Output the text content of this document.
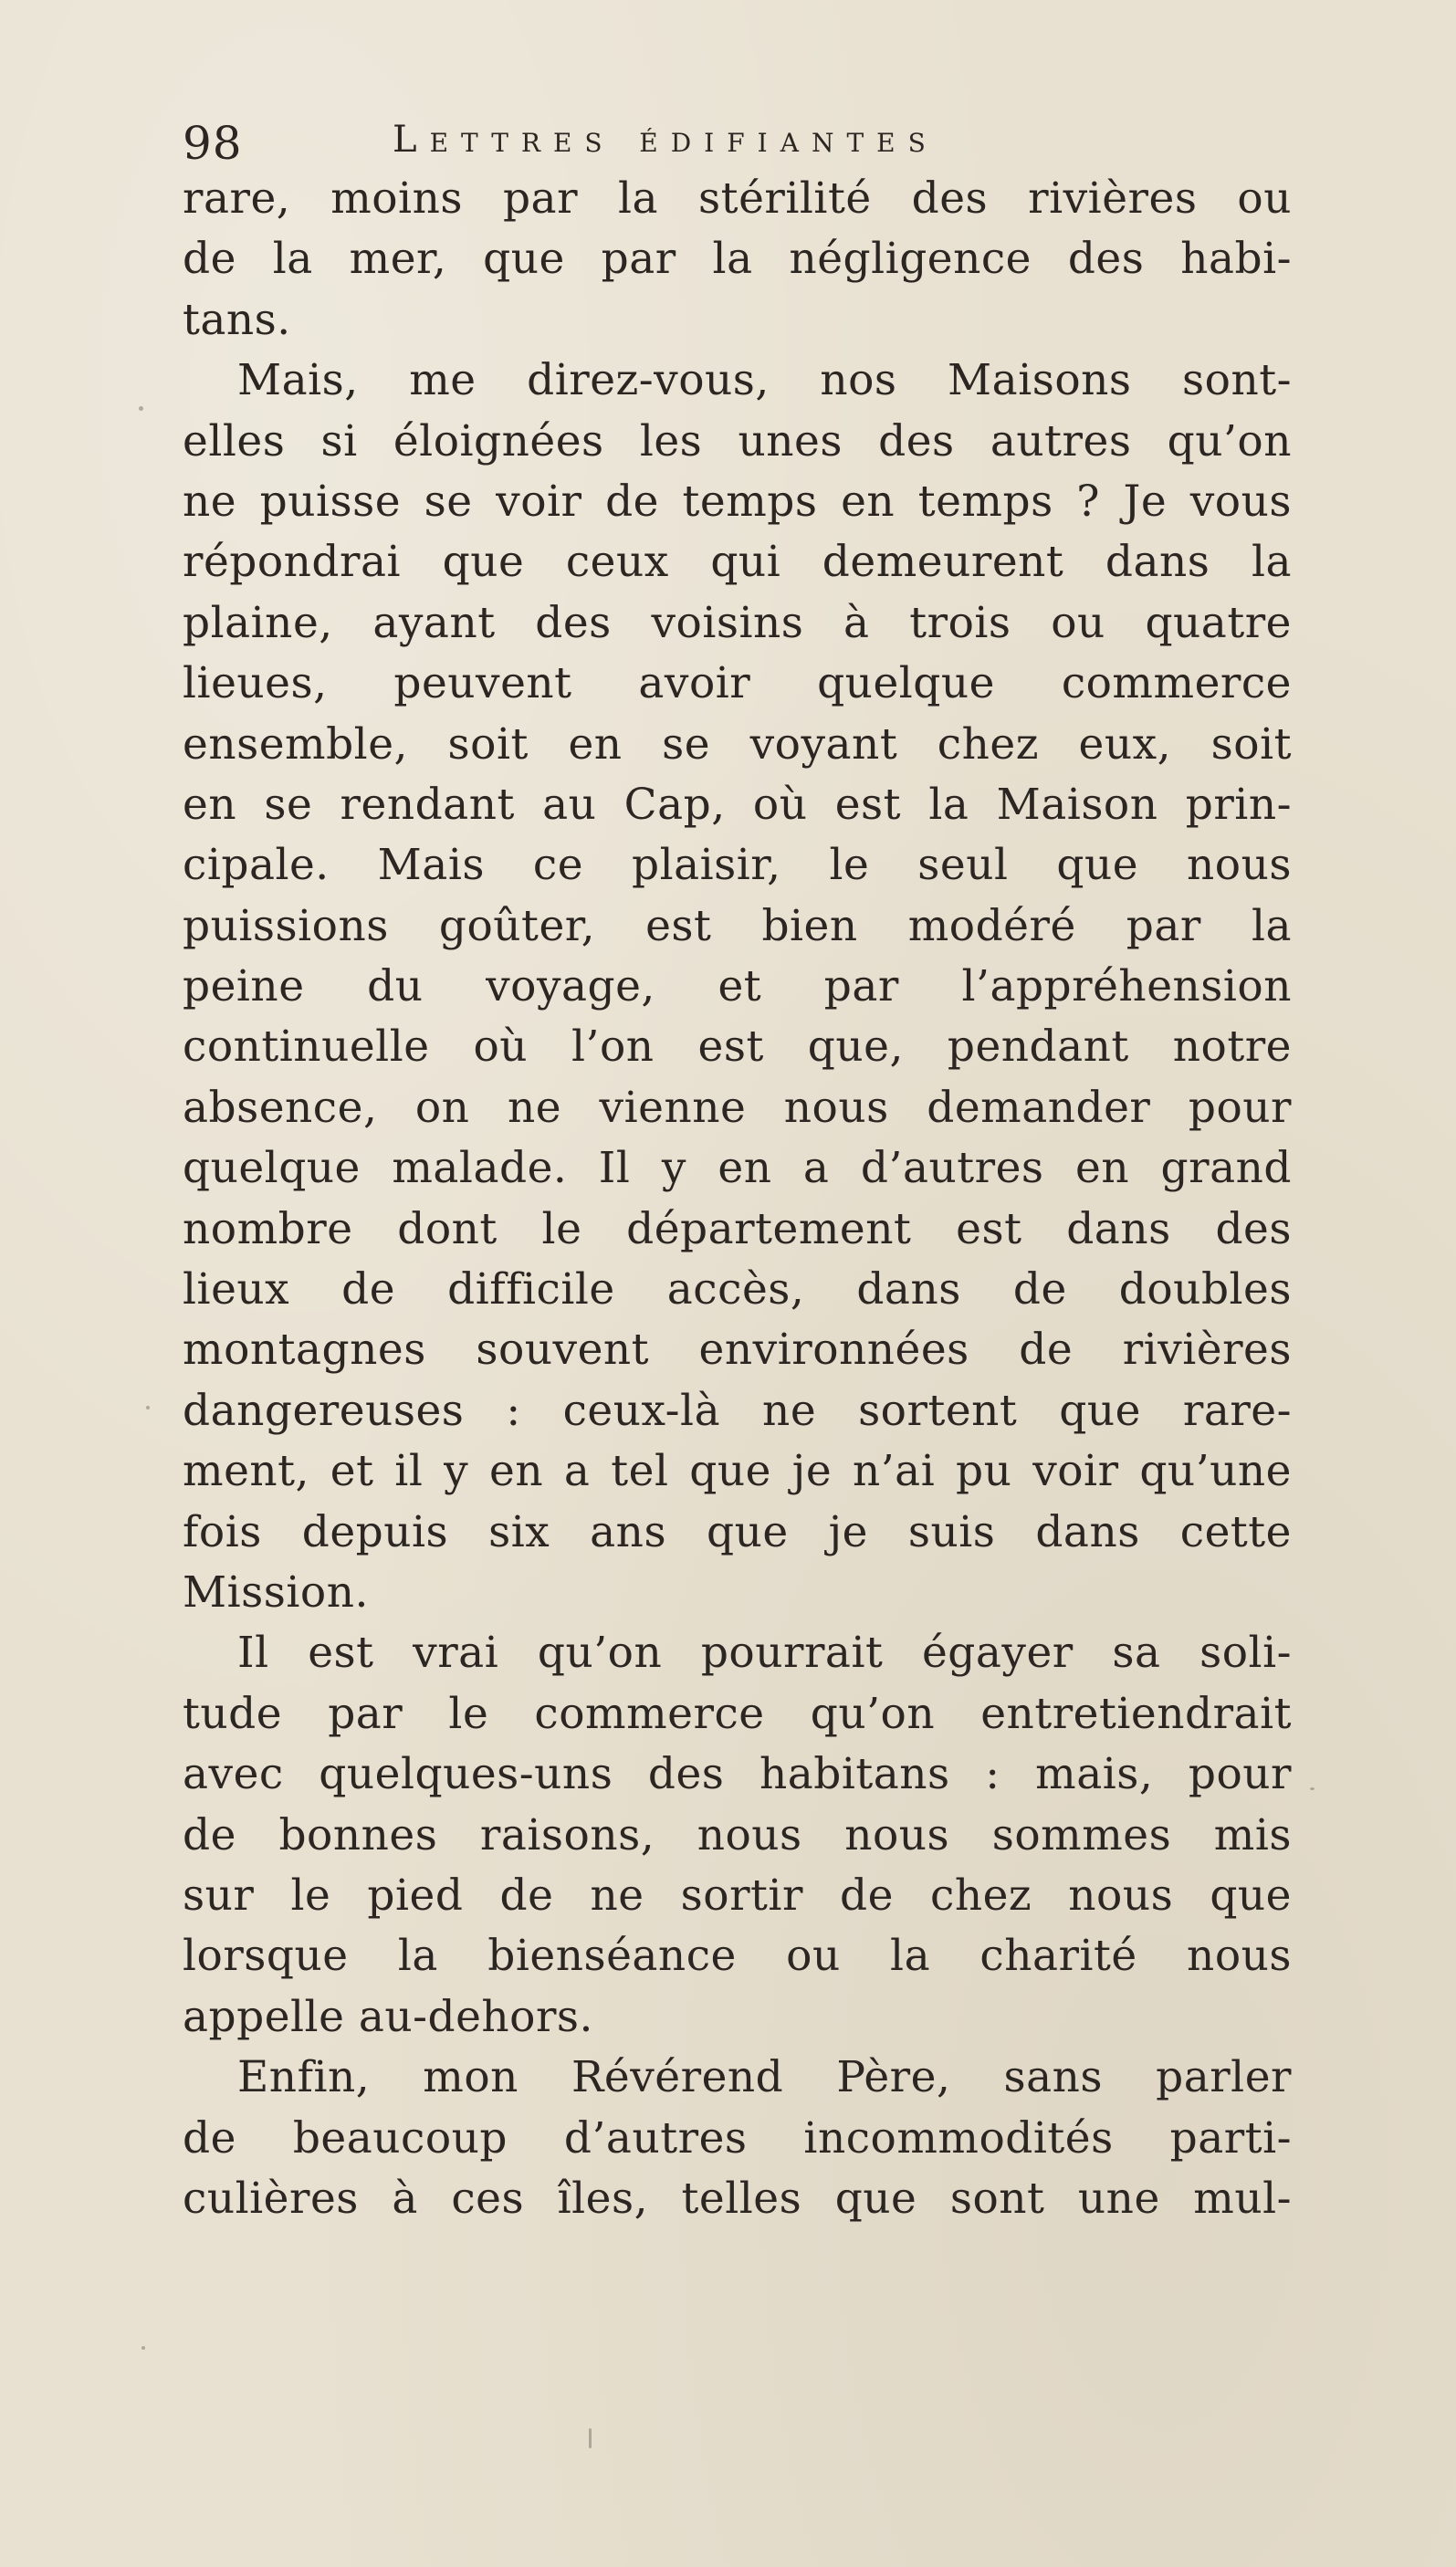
98	Lettres édifiantes
rare, moins par la stérilité des rivières ou
de la mer, que par la négligence des habi-
tans.
Mais, me direz-vous, nos Maisons sont-
elles si éloignées les unes des autres qu’on
ne puisse se voir de temps en temps ? Je vous
répondrai que ceux qui demeurent dans la
plaine, ayant des voisins à trois ou quatre
lieues, peuvent avoir quelque commerce
ensemble, soit en se voyant chez eux, soit
en se rendant au Cap, où est la Maison prin-
cipale. Mais ce plaisir, le seul que nous
puissions goûter, est bien modéré par la
peine du voyage, et par l’appréhension
continuelle où l’on est que, pendant notre
absence, on ne vienne nous demander pour
quelque malade. Il y en a d’autres en grand
nombre dont le département est dans des
lieux de difficile accès, dans de doubles
montagnes souvent environnées de rivières
dangereuses : ceux-là ne sortent que rare-
ment, et il y en a tel que je n’ai pu voir qu’une
fois depuis six ans que je suis dans cette
Mission.
Il est vrai qu’on pourrait égayer sa soli-
tude par le commerce qu’on entretiendrait
avec quelques-uns des habitans : mais, pour
de bonnes raisons, nous nous sommes mis
sur le pied de ne sortir de chez nous que
lorsque la bienséance ou la charité nous
appelle au-dehors.
Enfin, mon Révérend Père, sans parler
de beaucoup d’autres incommodités parti-
culières à ces îles, telles que sont une mul-
